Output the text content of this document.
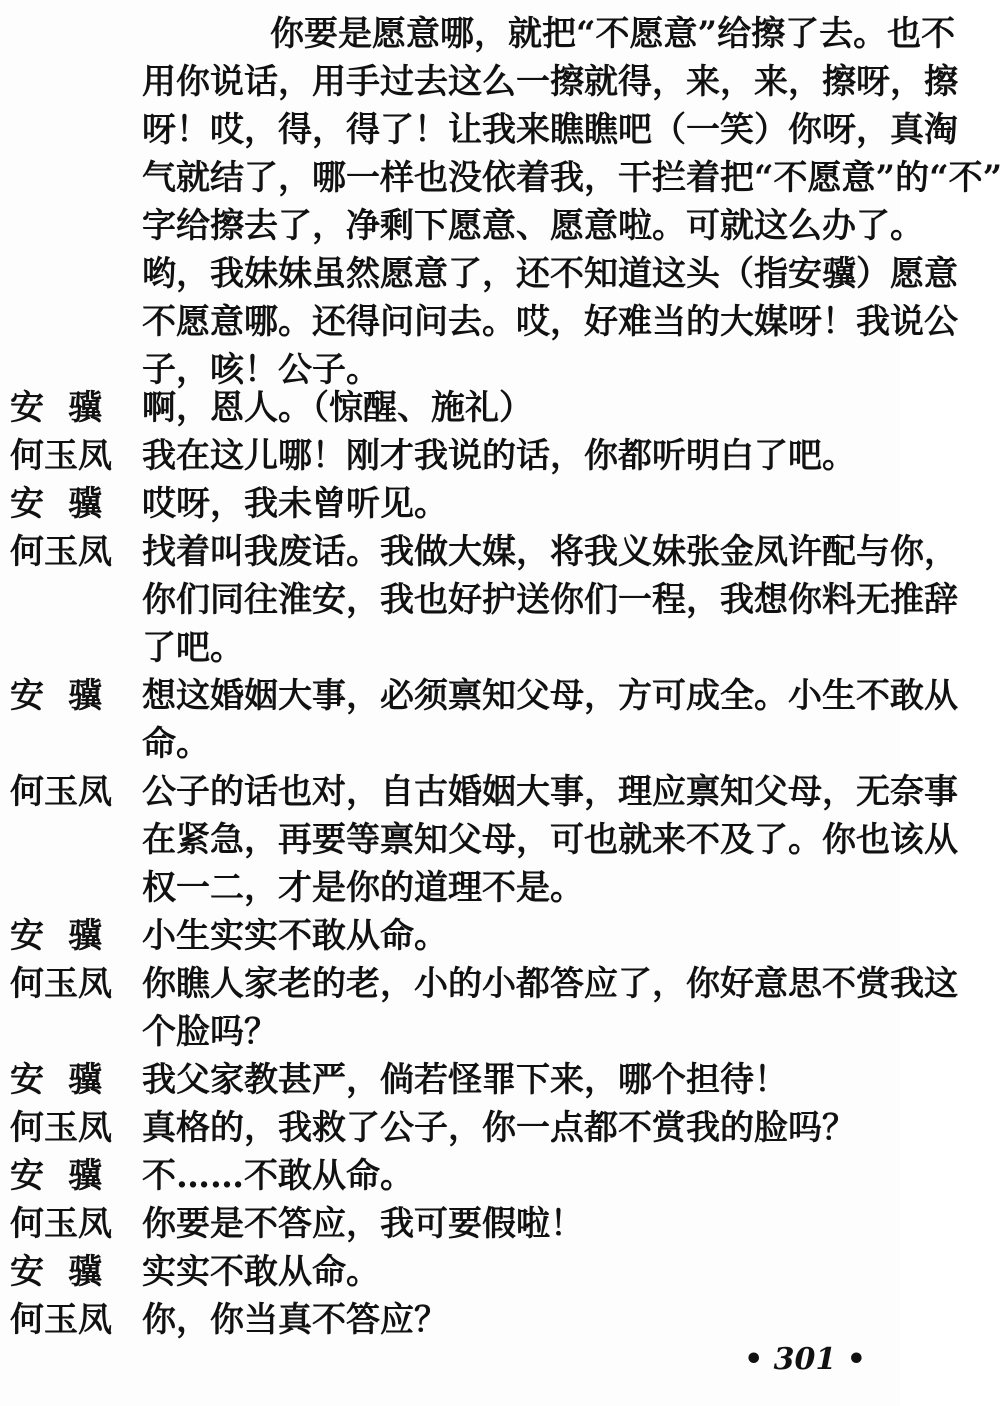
你要是愿意哪，就把“不愿意”给擦了去。也不
用你说话，用手过去这么一擦就得，来，来，擦呀，擦
呀！哎，得，得了！让我来瞧瞧吧（一笑）你呀，真淘
气就结了，哪一样也没依着我，干拦着把“不愿意”的“不”
字给擦去了，净剩下愿意、愿意啦。可就这么办了。
哟，我妹妹虽然愿意了，还不知道这头（指安骥）愿意
不愿意哪。还得问问去。哎，好难当的大媒呀！我说公
子，咳！公子。
安 骥 啊，恩人。（惊醒、施礼）
何玉凤 我在这儿哪！刚才我说的话，你都听明白了吧。
安 骥 哎呀，我未曾听见。
何玉凤 找着叫我废话。我做大媒，将我义妹张金凤许配与你，
你们同往淮安，我也好护送你们一程，我想你料无推辞
了吧。
安 骥 想这婚姻大事，必须禀知父母，方可成全。小生不敢从
命。
何玉凤 公子的话也对，自古婚姻大事，理应禀知父母，无奈事
在紧急，再要等禀知父母，可也就来不及了。你也该从
权一二，才是你的道理不是。
安 骥 小生实实不敢从命。
何玉凤 你瞧人家老的老，小的小都答应了，你好意思不赏我这
个脸吗？
安 骥 我父家教甚严，倘若怪罪下来，哪个担待！
何玉凤 真格的，我救了公子，你一点都不赏我的脸吗？
安 骥 不……不敢从命。
何玉凤 你要是不答应，我可要假啦！
安 骥 实实不敢从命。
何玉凤 你，你当真不答应？
• 301 •
